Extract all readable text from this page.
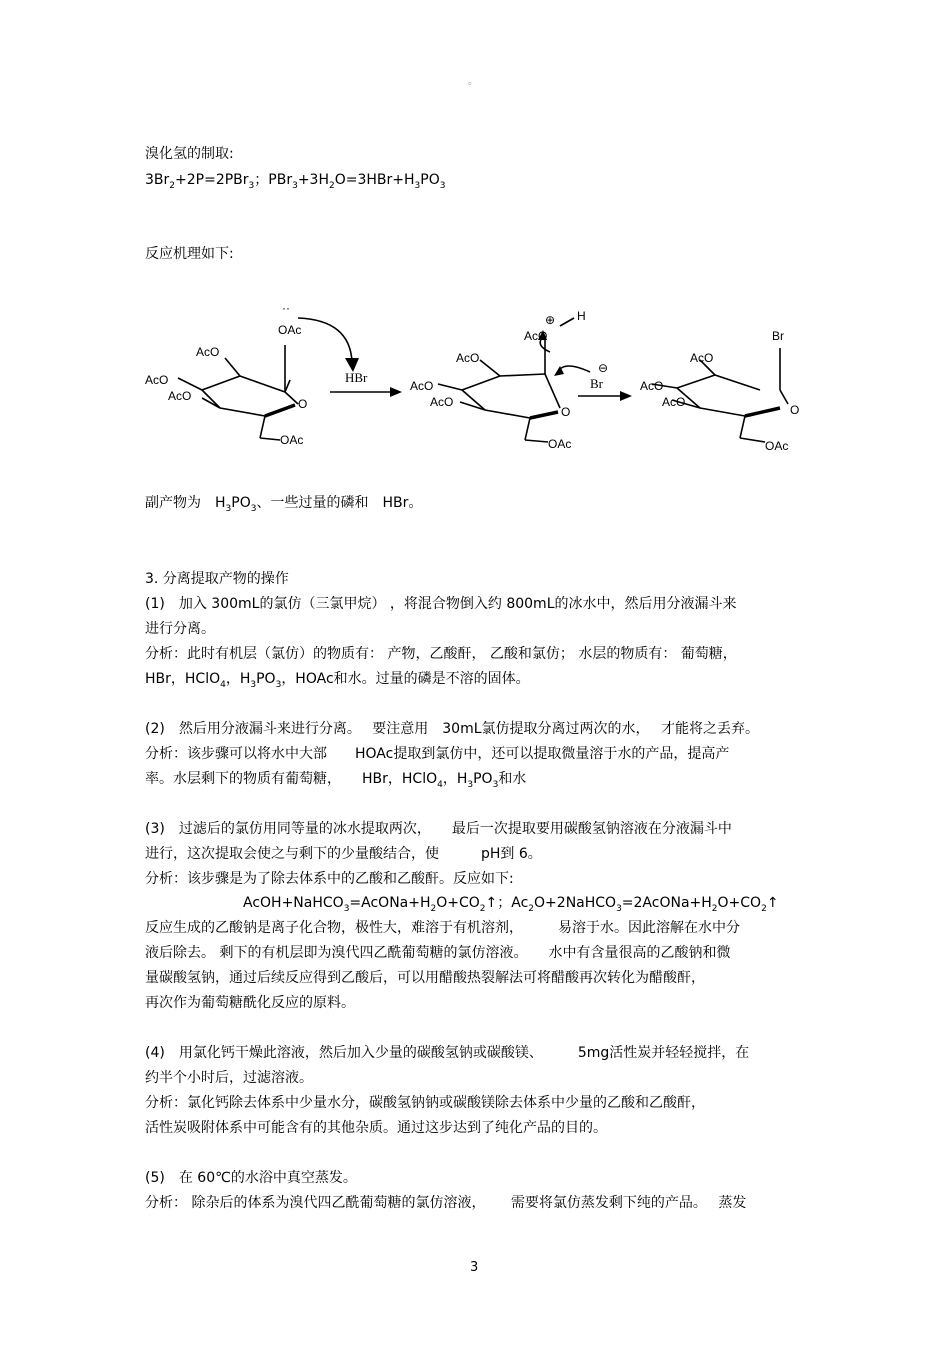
。
溴化氢的制取:
$3Br_2+2P=2PBr_3$；$PBr_3+3H_2O=3HBr+H_3PO_3$
反应机理如下:
··
OAc
AcO
AcO
AcO
O
OAc
HBr
H
⊕
AcO
AcO
AcO
AcO
O
OAc
⊖
Br
Br
AcO
AcO
AcO
O
OAc
副产物为　$H_3PO_3$、一些过量的磷和　HBr。
3. 分离提取产物的操作
(1)　加入 300mL的氯仿（三氯甲烷） ，将混合物倒入约 800mL的冰水中，然后用分液漏斗来
进行分离。
分析：此时有机层（氯仿）的物质有： 产物，乙酸酐， 乙酸和氯仿； 水层的物质有： 葡萄糖，
HBr，HClO$_4$，$H_3PO_3$，HOAc和水。过量的磷是不溶的固体。
(2)　然后用分液漏斗来进行分离。　 要注意用　30mL氯仿提取分离过两次的水，　 才能将之丢弃。
分析：该步骤可以将水中大部　　HOAc提取到氯仿中，还可以提取微量溶于水的产品，提高产
率。水层剩下的物质有葡萄糖，　　HBr，HClO$_4$，$H_3PO_3$和水
(3)　过滤后的氯仿用同等量的冰水提取两次，　　最后一次提取要用碳酸氢钠溶液在分液漏斗中
进行，这次提取会使之与剩下的少量酸结合，使　　　pH到 6。
分析：该步骤是为了除去体系中的乙酸和乙酸酐。反应如下:
$AcOH+NaHCO_3=AcONa+H_2O+CO_2↑$；$Ac_2O+2NaHCO_3=2AcONa+H_2O+CO_2↑$
反应生成的乙酸钠是离子化合物，极性大，难溶于有机溶剂，　　　易溶于水。因此溶解在水中分
液后除去。 剩下的有机层即为溴代四乙酰葡萄糖的氯仿溶液。　　水中有含量很高的乙酸钠和微
量碳酸氢钠，通过后续反应得到乙酸后，可以用醋酸热裂解法可将醋酸再次转化为醋酸酐，
再次作为葡萄糖酰化反应的原料。
(4)　用氯化钙干燥此溶液，然后加入少量的碳酸氢钠或碳酸镁、　　　5mg活性炭并轻轻搅拌，在
约半个小时后，过滤溶液。
分析：氯化钙除去体系中少量水分，碳酸氢钠钠或碳酸镁除去体系中少量的乙酸和乙酸酐，
活性炭吸附体系中可能含有的其他杂质。通过这步达到了纯化产品的目的。
(5)　在 60℃的水浴中真空蒸发。
分析： 除杂后的体系为溴代四乙酰葡萄糖的氯仿溶液，　　 需要将氯仿蒸发剩下纯的产品。　 蒸发
3
